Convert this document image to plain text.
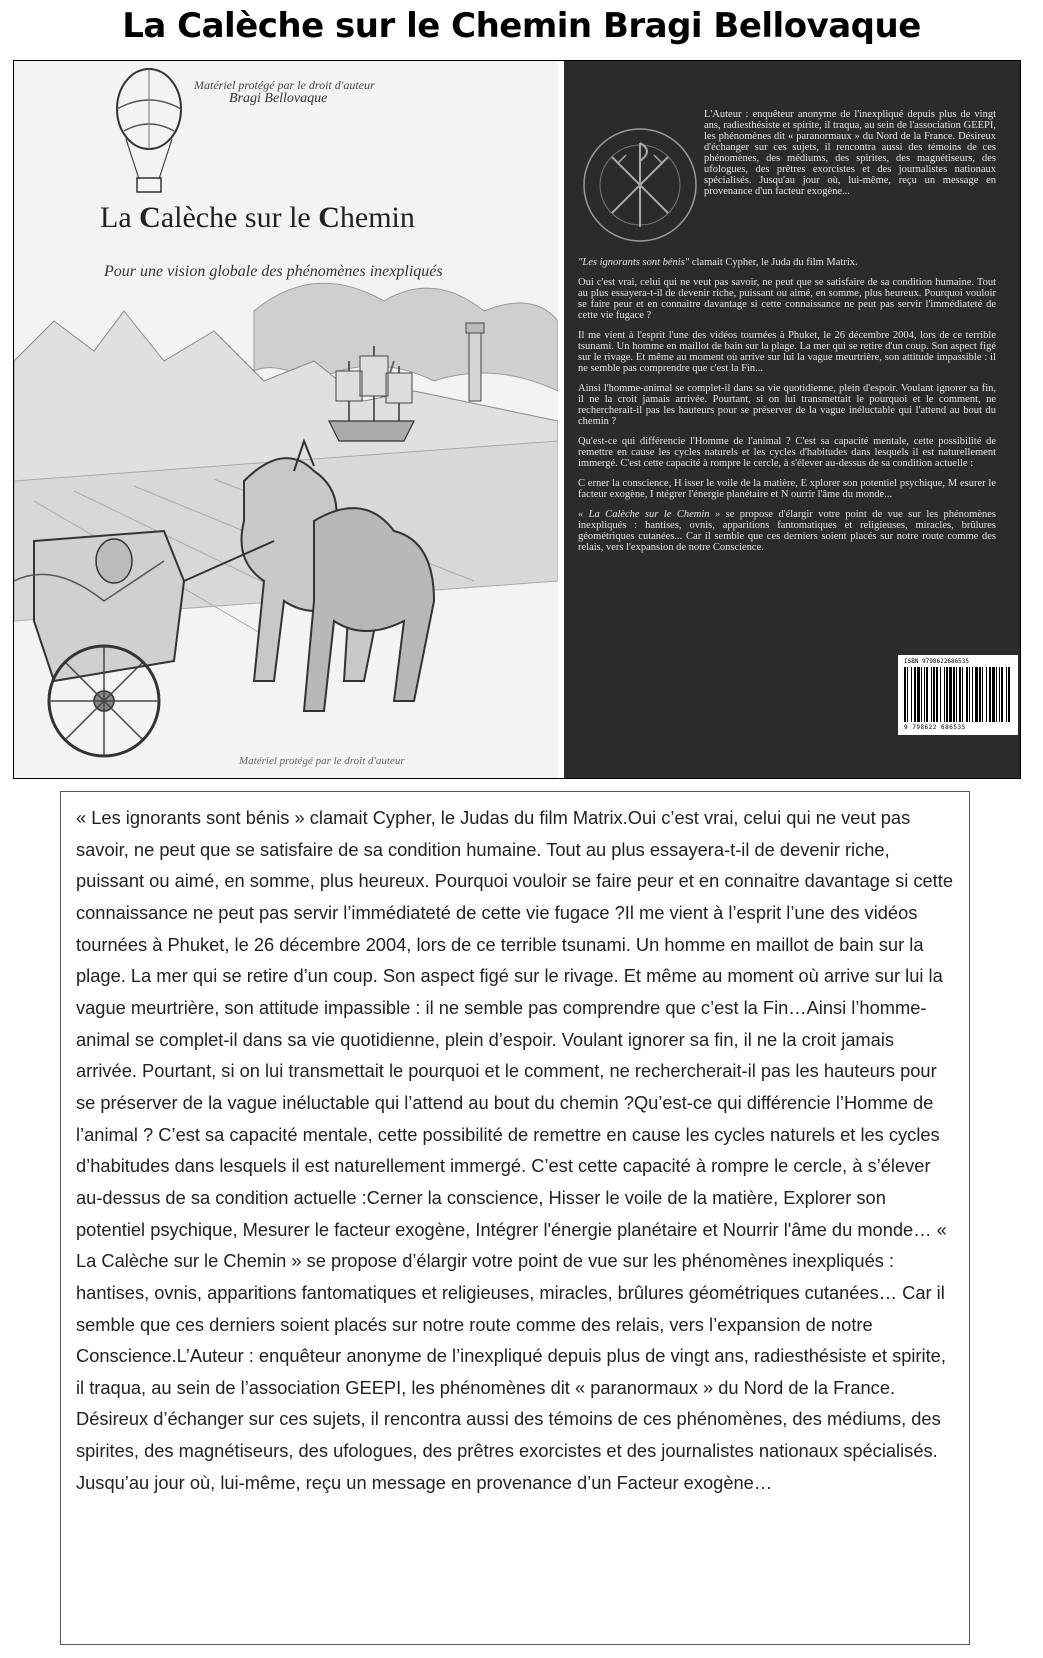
La Calèche sur le Chemin Bragi Bellovaque
Matériel protégé par le droit d'auteur
Bragi Bellovaque
La Calèche sur le Chemin
Pour une vision globale des phénomènes inexpliqués
Matériel protégé par le droit d'auteur
L'Auteur : enquêteur anonyme de l'inexpliqué depuis plus de vingt ans, radiesthésiste et spirite, il traqua, au sein de l'association GEEPI, les phénomènes dit « paranormaux » du Nord de la France. Désireux d'échanger sur ces sujets, il rencontra aussi des témoins de ces phénomènes, des médiums, des spirites, des magnétiseurs, des ufologues, des prêtres exorcistes et des journalistes nationaux spécialisés. Jusqu'au jour où, lui-même, reçu un message en provenance d'un facteur exogène...

"Les ignorants sont bénis" clamait Cypher, le Juda du film Matrix.

Oui c'est vrai, celui qui ne veut pas savoir, ne peut que se satisfaire de sa condition humaine. Tout au plus essayera-t-il de devenir riche, puissant ou aimé, en somme, plus heureux. Pourquoi vouloir se faire peur et en connaitre davantage si cette connaissance ne peut pas servir l'immédiateté de cette vie fugace ?

Il me vient à l'esprit l'une des vidéos tournées à Phuket, le 26 décembre 2004, lors de ce terrible tsunami. Un homme en maillot de bain sur la plage. La mer qui se retire d'un coup. Son aspect figé sur le rivage. Et même au moment où arrive sur lui la vague meurtrière, son attitude impassible : il ne semble pas comprendre que c'est la Fin...

Ainsi l'homme-animal se complet-il dans sa vie quotidienne, plein d'espoir. Voulant ignorer sa fin, il ne la croit jamais arrivée. Pourtant, si on lui transmettait le pourquoi et le comment, ne rechercherait-il pas les hauteurs pour se préserver de la vague inéluctable qui l'attend au bout du chemin ?

Qu'est-ce qui différencie l'Homme de l'animal ? C'est sa capacité mentale, cette possibilité de remettre en cause les cycles naturels et les cycles d'habitudes dans lesquels il est naturellement immergé. C'est cette capacité à rompre le cercle, à s'élever au-dessus de sa condition actuelle :

C erner la conscience, H isser le voile de la matière, E xplorer son potentiel psychique, M esurer le facteur exogène, I ntégrer l'énergie planétaire et N ourrir l'âme du monde...

« La Calèche sur le Chemin » se propose d'élargir votre point de vue sur les phénomènes inexpliqués : hantises, ovnis, apparitions fantomatiques et religieuses, miracles, brûlures géométriques cutanées... Car il semble que ces derniers soient placés sur notre route comme des relais, vers l'expansion de notre Conscience.

ISBN 9798622686535
9 798622 686535

« Les ignorants sont bénis » clamait Cypher, le Judas du film Matrix.Oui c’est vrai, celui qui ne veut pas savoir, ne peut que se satisfaire de sa condition humaine. Tout au plus essayera-t-il de devenir riche, puissant ou aimé, en somme, plus heureux. Pourquoi vouloir se faire peur et en connaitre davantage si cette connaissance ne peut pas servir l’immédiateté de cette vie fugace ?Il me vient à l’esprit l’une des vidéos tournées à Phuket, le 26 décembre 2004, lors de ce terrible tsunami. Un homme en maillot de bain sur la plage. La mer qui se retire d’un coup. Son aspect figé sur le rivage. Et même au moment où arrive sur lui la vague meurtrière, son attitude impassible : il ne semble pas comprendre que c’est la Fin…Ainsi l’homme-animal se complet-il dans sa vie quotidienne, plein d’espoir. Voulant ignorer sa fin, il ne la croit jamais arrivée. Pourtant, si on lui transmettait le pourquoi et le comment, ne rechercherait-il pas les hauteurs pour se préserver de la vague inéluctable qui l’attend au bout du chemin ?Qu’est-ce qui différencie l’Homme de l’animal ? C’est sa capacité mentale, cette possibilité de remettre en cause les cycles naturels et les cycles d’habitudes dans lesquels il est naturellement immergé. C’est cette capacité à rompre le cercle, à s’élever au-dessus de sa condition actuelle :Cerner la conscience, Hisser le voile de la matière, Explorer son potentiel psychique, Mesurer le facteur exogène, Intégrer l'énergie planétaire et Nourrir l'âme du monde… « La Calèche sur le Chemin » se propose d’élargir votre point de vue sur les phénomènes inexpliqués : hantises, ovnis, apparitions fantomatiques et religieuses, miracles, brûlures géométriques cutanées… Car il semble que ces derniers soient placés sur notre route comme des relais, vers l’expansion de notre Conscience.L’Auteur : enquêteur anonyme de l’inexpliqué depuis plus de vingt ans, radiesthésiste et spirite, il traqua, au sein de l’association GEEPI, les phénomènes dit « paranormaux » du Nord de la France. Désireux d’échanger sur ces sujets, il rencontra aussi des témoins de ces phénomènes, des médiums, des spirites, des magnétiseurs, des ufologues, des prêtres exorcistes et des journalistes nationaux spécialisés. Jusqu’au jour où, lui-même, reçu un message en provenance d’un Facteur exogène…
